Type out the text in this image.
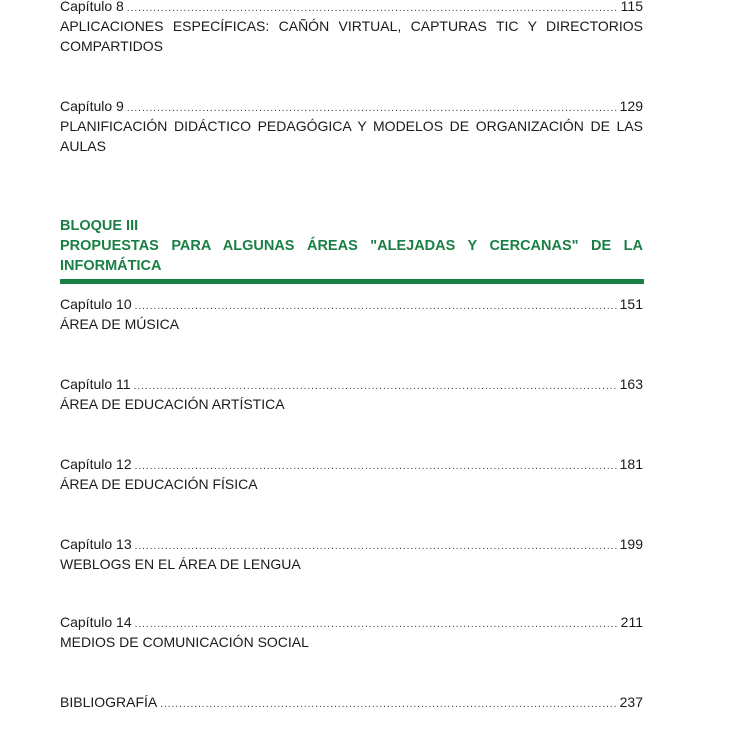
Capítulo 8 .....	115
APLICACIONES ESPECÍFICAS: CAÑÓN VIRTUAL, CAPTURAS TIC Y DIRECTORIOS COMPARTIDOS
Capítulo 9 .....	129
PLANIFICACIÓN DIDÁCTICO PEDAGÓGICA Y MODELOS DE ORGANIZACIÓN DE LAS AULAS
BLOQUE III
PROPUESTAS PARA ALGUNAS ÁREAS "ALEJADAS Y CERCANAS" DE LA INFORMÁTICA
Capítulo 10 .....	151
ÁREA DE MÚSICA
Capítulo 11 .....	163
ÁREA DE EDUCACIÓN ARTÍSTICA
Capítulo 12 .....	181
ÁREA DE EDUCACIÓN FÍSICA
Capítulo 13 .....	199
WEBLOGS EN EL ÁREA DE LENGUA
Capítulo 14 .....	211
MEDIOS DE COMUNICACIÓN SOCIAL
BIBLIOGRAFÍA .....	237
